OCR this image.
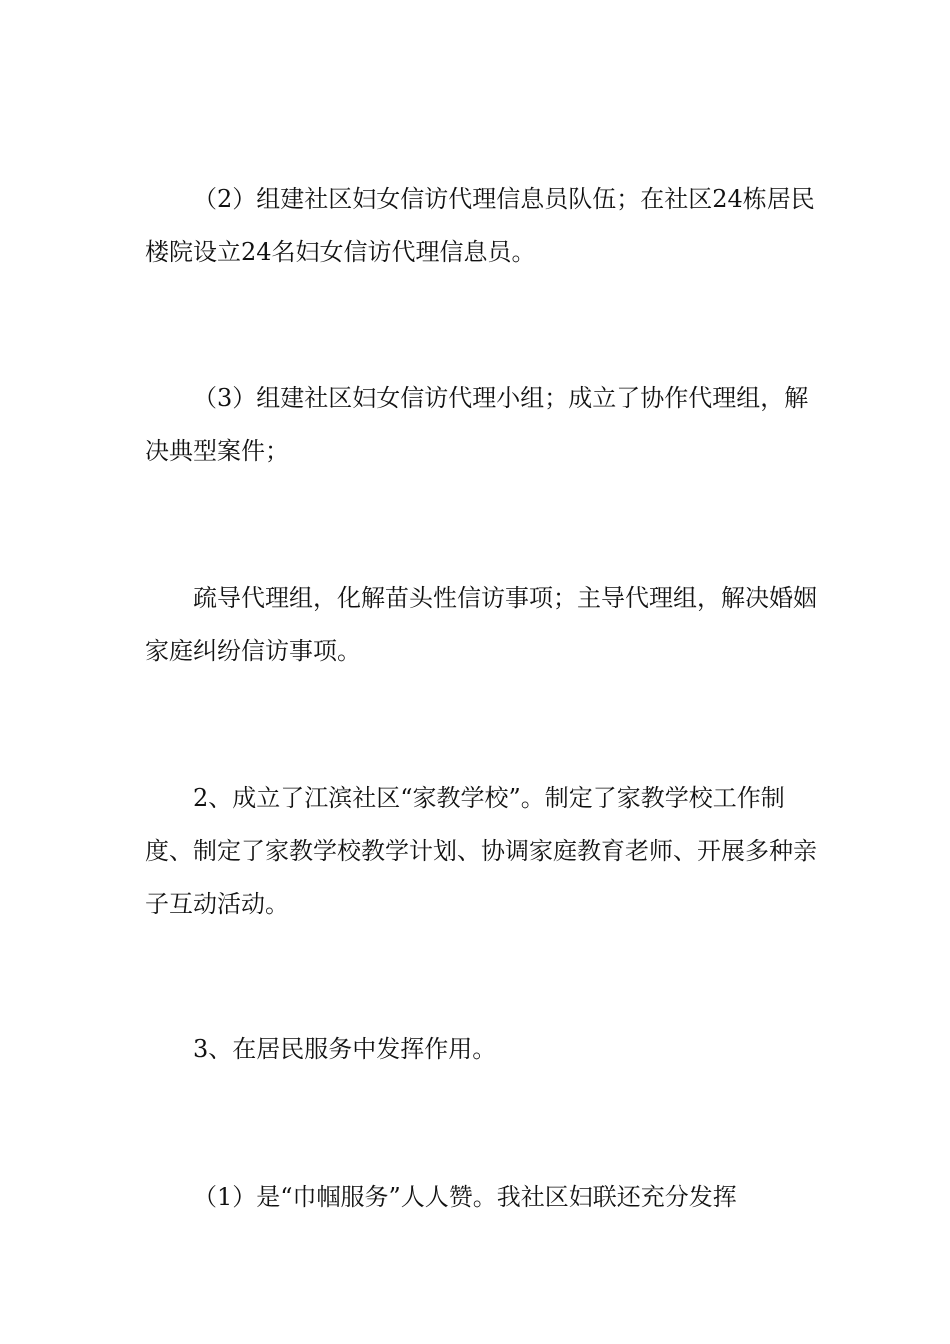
（2）组建社区妇女信访代理信息员队伍；在社区24栋居民楼院设立24名妇女信访代理信息员。

（3）组建社区妇女信访代理小组；成立了协作代理组，解决典型案件；

疏导代理组，化解苗头性信访事项；主导代理组，解决婚姻家庭纠纷信访事项。

2、成立了江滨社区“家教学校”。制定了家教学校工作制度、制定了家教学校教学计划、协调家庭教育老师、开展多种亲子互动活动。

3、在居民服务中发挥作用。

（1）是“巾帼服务”人人赞。我社区妇联还充分发挥
